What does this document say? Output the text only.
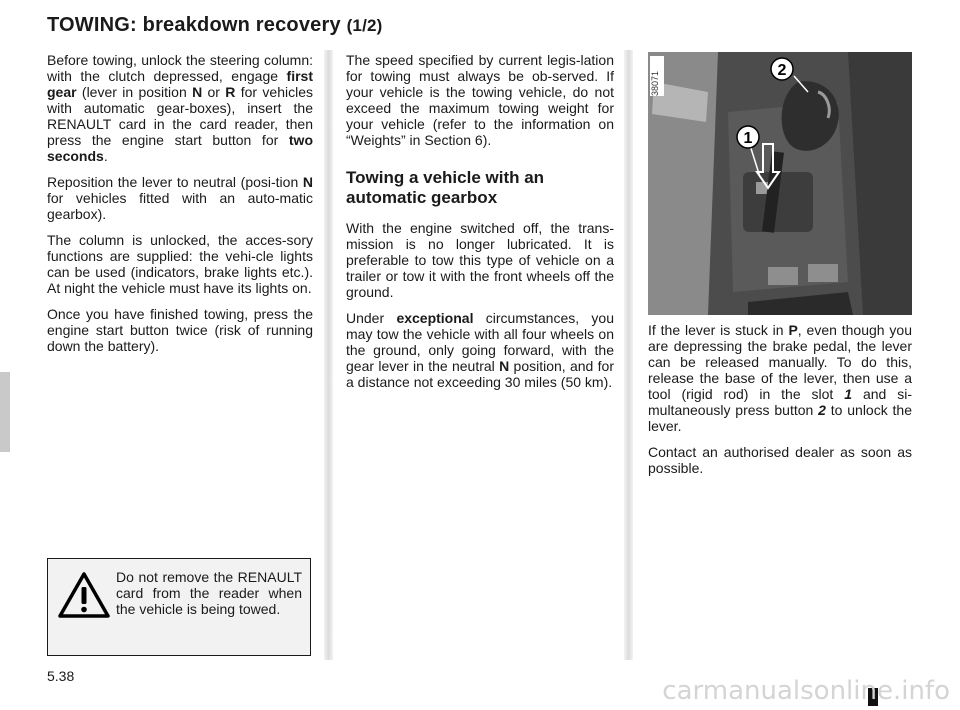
TOWING: breakdown recovery (1/2)

Before towing, unlock the steering column: with the clutch depressed, engage first gear (lever in position N or R for vehicles with automatic gear-boxes), insert the RENAULT card in the card reader, then press the engine start button for two seconds.

Reposition the lever to neutral (posi-tion N for vehicles fitted with an auto-matic gearbox).

The column is unlocked, the acces-sory functions are supplied: the vehi-cle lights can be used (indicators, brake lights etc.). At night the vehicle must have its lights on.

Once you have finished towing, press the engine start button twice (risk of running down the battery).

The speed specified by current legis-lation for towing must always be ob-served. If your vehicle is the towing vehicle, do not exceed the maximum towing weight for your vehicle (refer to the information on “Weights” in Section 6).

Towing a vehicle with an automatic gearbox

With the engine switched off, the trans-mission is no longer lubricated. It is preferable to tow this type of vehicle on a trailer or tow it with the front wheels off the ground.

Under exceptional circumstances, you may tow the vehicle with all four wheels on the ground, only going forward, with the gear lever in the neutral N position, and for a distance not exceeding 30 miles (50 km).

1
2
38071

If the lever is stuck in P, even though you are depressing the brake pedal, the lever can be released manually. To do this, release the base of the lever, then use a tool (rigid rod) in the slot 1 and si-multaneously press button 2 to unlock the lever.

Contact an authorised dealer as soon as possible.

Do not remove the RENAULT card from the reader when the vehicle is being towed.

5.38	carmanualsonline.info
